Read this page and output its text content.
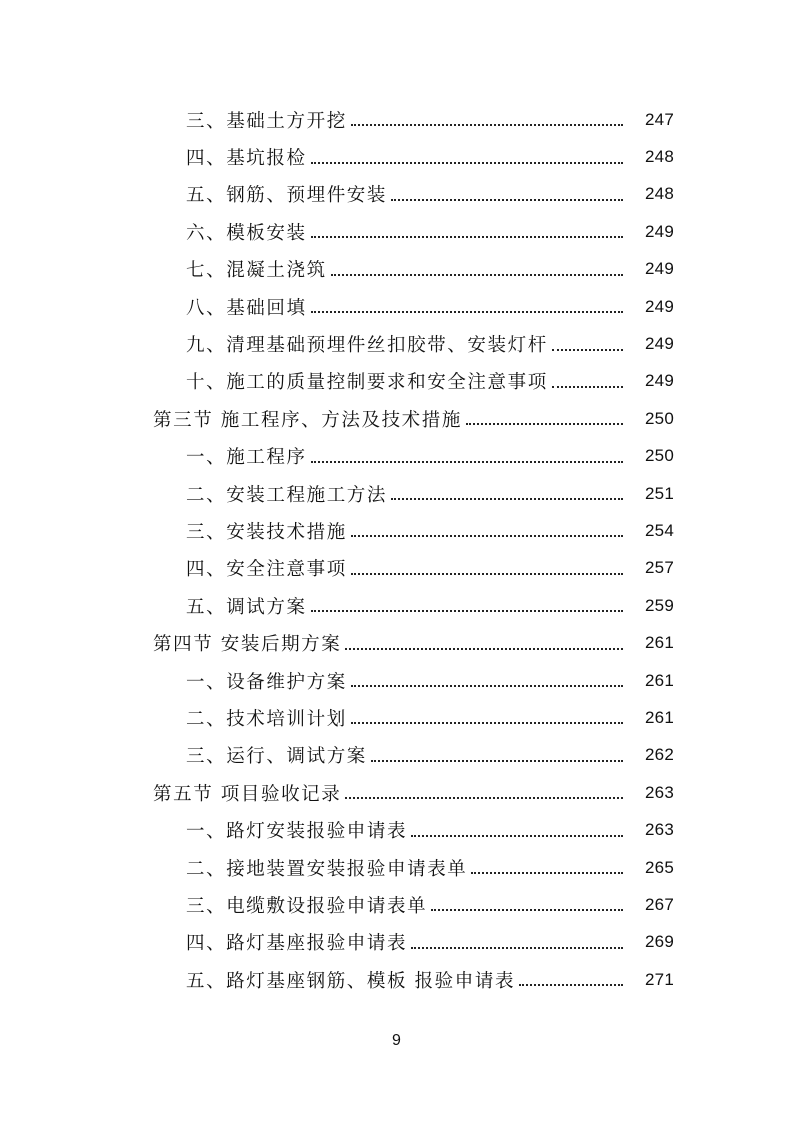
三、基础土方开挖	247
四、基坑报检	248
五、钢筋、预埋件安装	248
六、模板安装	249
七、混凝土浇筑	249
八、基础回填	249
九、清理基础预埋件丝扣胶带、安装灯杆	249
十、施工的质量控制要求和安全注意事项	249
第三节 施工程序、方法及技术措施	250
一、施工程序	250
二、安装工程施工方法	251
三、安装技术措施	254
四、安全注意事项	257
五、调试方案	259
第四节 安装后期方案	261
一、设备维护方案	261
二、技术培训计划	261
三、运行、调试方案	262
第五节 项目验收记录	263
一、路灯安装报验申请表	263
二、接地装置安装报验申请表单	265
三、电缆敷设报验申请表单	267
四、路灯基座报验申请表	269
五、路灯基座钢筋、模板 报验申请表	271
9
